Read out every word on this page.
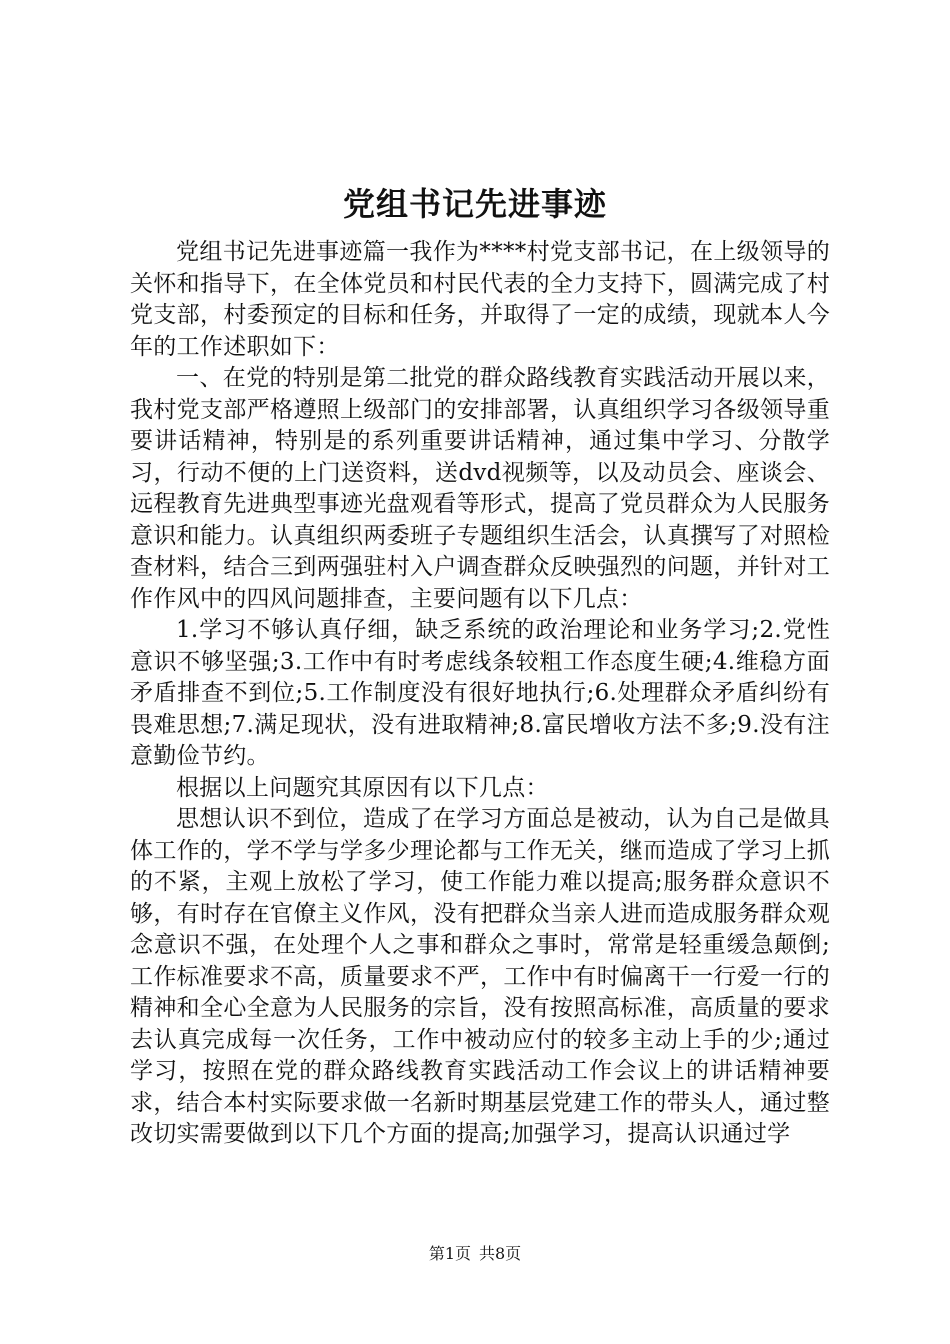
党组书记先进事迹

党组书记先进事迹篇一我作为****村党支部书记，在上级领导的关怀和指导下，在全体党员和村民代表的全力支持下，圆满完成了村党支部，村委预定的目标和任务，并取得了一定的成绩，现就本人今年的工作述职如下：

一、在党的特别是第二批党的群众路线教育实践活动开展以来，我村党支部严格遵照上级部门的安排部署，认真组织学习各级领导重要讲话精神，特别是的系列重要讲话精神，通过集中学习、分散学习，行动不便的上门送资料，送dvd视频等，以及动员会、座谈会、远程教育先进典型事迹光盘观看等形式，提高了党员群众为人民服务意识和能力。认真组织两委班子专题组织生活会，认真撰写了对照检查材料，结合三到两强驻村入户调查群众反映强烈的问题，并针对工作作风中的四风问题排查，主要问题有以下几点：

1.学习不够认真仔细，缺乏系统的政治理论和业务学习;2.党性意识不够坚强;3.工作中有时考虑线条较粗工作态度生硬;4.维稳方面矛盾排查不到位;5.工作制度没有很好地执行;6.处理群众矛盾纠纷有畏难思想;7.满足现状，没有进取精神;8.富民增收方法不多;9.没有注意勤俭节约。

根据以上问题究其原因有以下几点：

思想认识不到位，造成了在学习方面总是被动，认为自己是做具体工作的，学不学与学多少理论都与工作无关，继而造成了学习上抓的不紧，主观上放松了学习，使工作能力难以提高;服务群众意识不够，有时存在官僚主义作风，没有把群众当亲人进而造成服务群众观念意识不强，在处理个人之事和群众之事时，常常是轻重缓急颠倒;工作标准要求不高，质量要求不严，工作中有时偏离干一行爱一行的精神和全心全意为人民服务的宗旨，没有按照高标准，高质量的要求去认真完成每一次任务，工作中被动应付的较多主动上手的少;通过学习，按照在党的群众路线教育实践活动工作会议上的讲话精神要求，结合本村实际要求做一名新时期基层党建工作的带头人，通过整改切实需要做到以下几个方面的提高;加强学习，提高认识通过学

第1页 共8页
